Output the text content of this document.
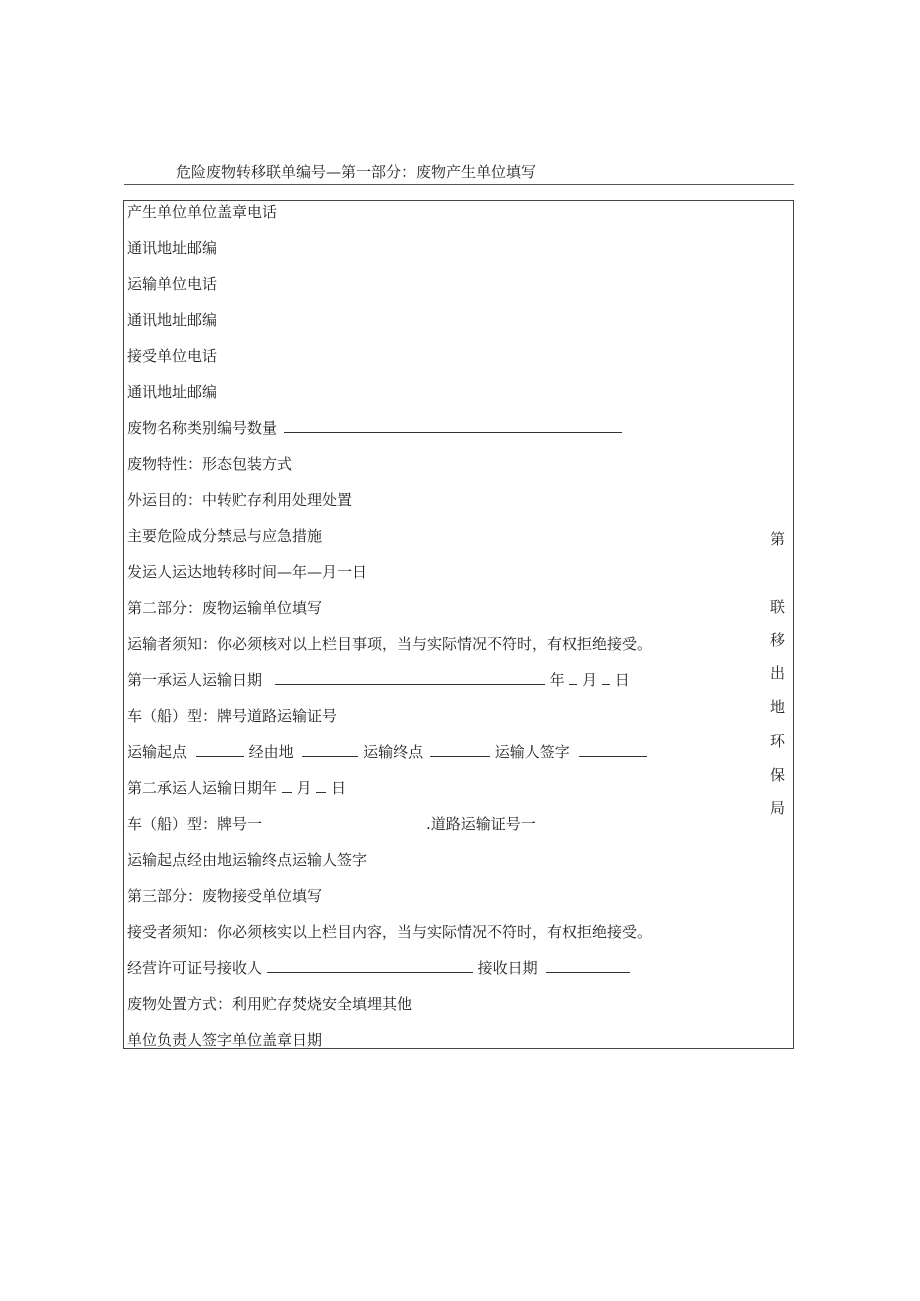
危险废物转移联单编号—第一部分：废物产生单位填写
产生单位单位盖章电话
通讯地址邮编
运输单位电话
通讯地址邮编
接受单位电话
通讯地址邮编
废物名称类别编号数量
废物特性：形态包装方式
外运目的：中转贮存利用处理处置
主要危险成分禁忌与应急措施
发运人运达地转移时间—年—月一日
第二部分：废物运输单位填写
运输者须知：你必须核对以上栏目事项，当与实际情况不符时，有权拒绝接受。
第一承运人运输日期	年 月 日
车（船）型：牌号道路运输证号
运输起点	经由地	运输终点	运输人签字
第二承运人运输日期年 月 日
车（船）型：牌号一	.道路运输证号一
运输起点经由地运输终点运输人签字
第三部分：废物接受单位填写
接受者须知：你必须核实以上栏目内容，当与实际情况不符时，有权拒绝接受。
经营许可证号接收人	接收日期
废物处置方式：利用贮存焚烧安全填埋其他
单位负责人签字单位盖章日期
第
联
移
出
地
环
保
局
